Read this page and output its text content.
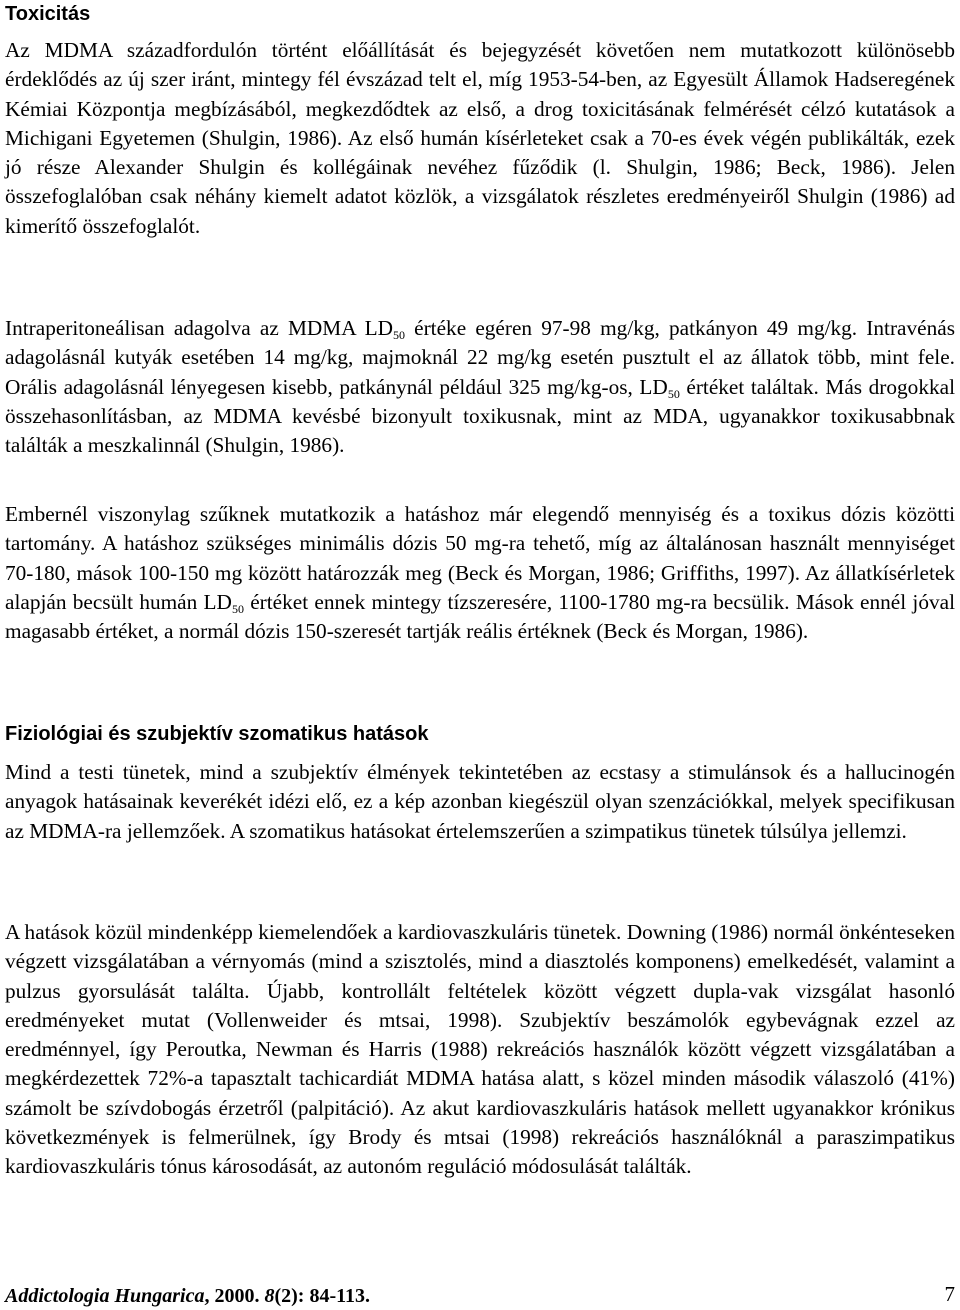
Toxicitás

Az MDMA századfordulón történt előállítását és bejegyzését követően nem mutatkozott különösebb érdeklődés az új szer iránt, mintegy fél évszázad telt el, míg 1953-54-ben, az Egyesült Államok Hadseregének Kémiai Központja megbízásából, megkezdődtek az első, a drog toxicitásának felmérését célzó kutatások a Michigani Egyetemen (Shulgin, 1986). Az első humán kísérleteket csak a 70-es évek végén publikálták, ezek jó része Alexander Shulgin és kollégáinak nevéhez fűződik (l. Shulgin, 1986; Beck, 1986). Jelen összefoglalóban csak néhány kiemelt adatot közlök, a vizsgálatok részletes eredményeiről Shulgin (1986) ad kimerítő összefoglalót.

Intraperitoneálisan adagolva az MDMA $LD_{50}$ értéke egéren 97-98 mg/kg, patkányon 49 mg/kg. Intravénás adagolásnál kutyák esetében 14 mg/kg, majmoknál 22 mg/kg esetén pusztult el az állatok több, mint fele. Orális adagolásnál lényegesen kisebb, patkánynál például 325 mg/kg-os, $LD_{50}$ értéket találtak. Más drogokkal összehasonlításban, az MDMA kevésbé bizonyult toxikusnak, mint az MDA, ugyanakkor toxikusabbnak találták a meszkalinnál (Shulgin, 1986).

Embernél viszonylag szűknek mutatkozik a hatáshoz már elegendő mennyiség és a toxikus dózis közötti tartomány. A hatáshoz szükséges minimális dózis 50 mg-ra tehető, míg az általánosan használt mennyiséget 70-180, mások 100-150 mg között határozzák meg (Beck és Morgan, 1986; Griffiths, 1997). Az állatkísérletek alapján becsült humán $LD_{50}$ értéket ennek mintegy tízszeresére, 1100-1780 mg-ra becsülik. Mások ennél jóval magasabb értéket, a normál dózis 150-szeresét tartják reális értéknek (Beck és Morgan, 1986).

Fiziológiai és szubjektív szomatikus hatások

Mind a testi tünetek, mind a szubjektív élmények tekintetében az ecstasy a stimulánsok és a hallucinogén anyagok hatásainak keverékét idézi elő, ez a kép azonban kiegészül olyan szenzációkkal, melyek specifikusan az MDMA-ra jellemzőek. A szomatikus hatásokat értelemszerűen a szimpatikus tünetek túlsúlya jellemzi.

A hatások közül mindenképp kiemelendőek a kardiovaszkuláris tünetek. Downing (1986) normál önkénteseken végzett vizsgálatában a vérnyomás (mind a szisztolés, mind a diasztolés komponens) emelkedését, valamint a pulzus gyorsulását találta. Újabb, kontrollált feltételek között végzett dupla-vak vizsgálat hasonló eredményeket mutat (Vollenweider és mtsai, 1998). Szubjektív beszámolók egybevágnak ezzel az eredménnyel, így Peroutka, Newman és Harris (1988) rekreációs használók között végzett vizsgálatában a megkérdezettek 72%-a tapasztalt tachicardiát MDMA hatása alatt, s közel minden második válaszoló (41%) számolt be szívdobogás érzetről (palpitáció). Az akut kardiovaszkuláris hatások mellett ugyanakkor krónikus következmények is felmerülnek, így Brody és mtsai (1998) rekreációs használóknál a paraszimpatikus kardiovaszkuláris tónus károsodását, az autonóm reguláció módosulását találták.

Addictologia Hungarica, 2000. 8(2): 84-113.	7
